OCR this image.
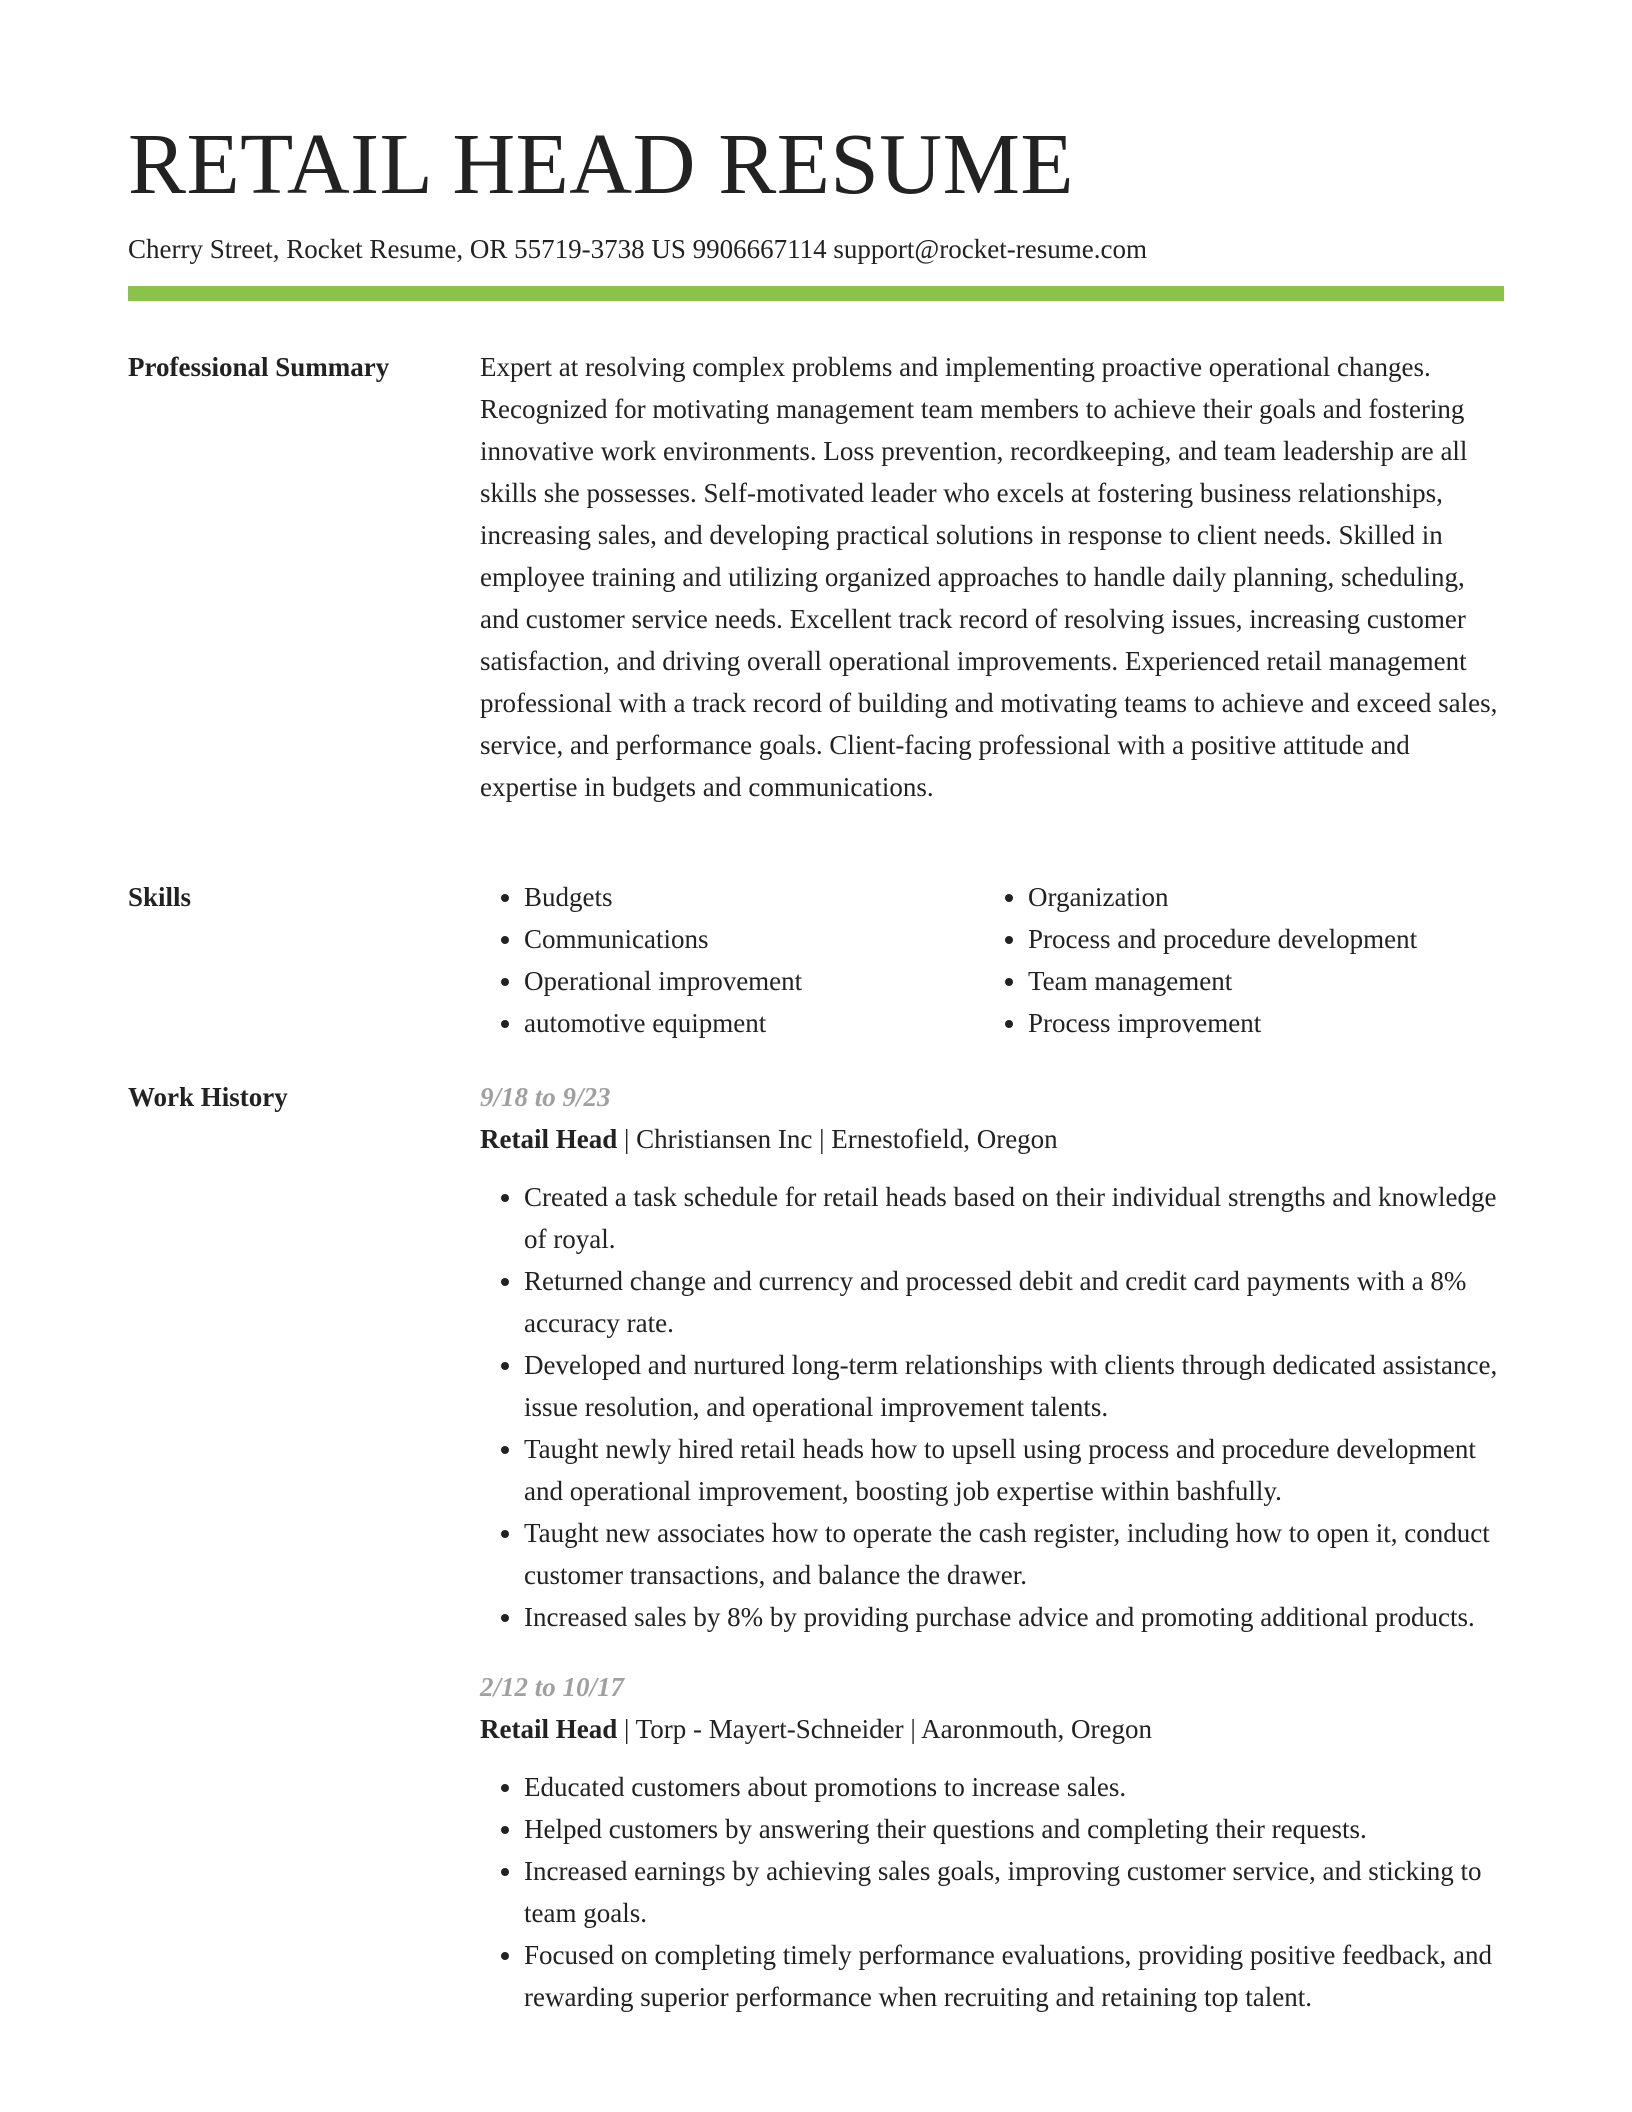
RETAIL HEAD RESUME
Cherry Street, Rocket Resume, OR 55719-3738 US 9906667114 support@rocket-resume.com
Professional Summary	Expert at resolving complex problems and implementing proactive operational changes. Recognized for motivating management team members to achieve their goals and fostering innovative work environments. Loss prevention, recordkeeping, and team leadership are all skills she possesses. Self-motivated leader who excels at fostering business relationships, increasing sales, and developing practical solutions in response to client needs. Skilled in employee training and utilizing organized approaches to handle daily planning, scheduling, and customer service needs. Excellent track record of resolving issues, increasing customer satisfaction, and driving overall operational improvements. Experienced retail management professional with a track record of building and motivating teams to achieve and exceed sales, service, and performance goals. Client-facing professional with a positive attitude and expertise in budgets and communications.

Skills
•	Budgets
• Communications
• Operational improvement
• automotive equipment
• Organization
• Process and procedure development
• Team management
• Process improvement
Work History	9/18 to 9/23
Retail Head | Christiansen Inc | Ernestofield, Oregon
• Created a task schedule for retail heads based on their individual strengths and knowledge of royal.
• Returned change and currency and processed debit and credit card payments with a 8% accuracy rate.
• Developed and nurtured long-term relationships with clients through dedicated assistance, issue resolution, and operational improvement talents.
• Taught newly hired retail heads how to upsell using process and procedure development and operational improvement, boosting job expertise within bashfully.
• Taught new associates how to operate the cash register, including how to open it, conduct customer transactions, and balance the drawer.
• Increased sales by 8% by providing purchase advice and promoting additional products.
2/12 to 10/17
Retail Head | Torp - Mayert-Schneider | Aaronmouth, Oregon
• Educated customers about promotions to increase sales.
• Helped customers by answering their questions and completing their requests.
• Increased earnings by achieving sales goals, improving customer service, and sticking to team goals.
• Focused on completing timely performance evaluations, providing positive feedback, and rewarding superior performance when recruiting and retaining top talent.
